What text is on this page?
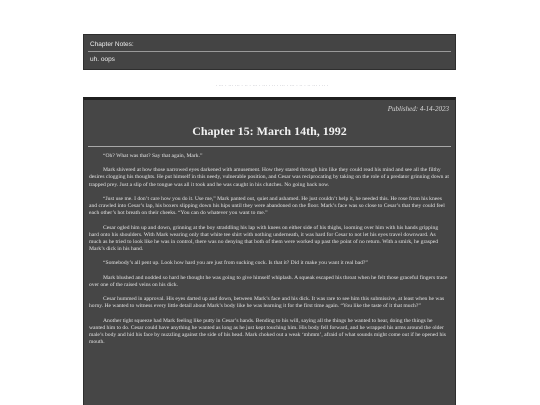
Chapter Notes:
uh. oops
· ··· · ··· ··· · ·· · ··· · ··· · ·· · ··· · ··· · ·· · ·· ··· · ·· ·
Published: 4-14-2023
Chapter 15: March 14th, 1992

“Oh? What was that? Say that again, Mark.”

Mark shivered at how those narrowed eyes darkened with amusement. How they stared through him like they could read his mind and see all the filthy desires clogging his thoughts. He put himself in this needy, vulnerable position, and Cesar was reciprocating by taking on the role of a predator grinning down at trapped prey. Just a slip of the tongue was all it took and he was caught in his clutches. No going back now.

“Just use me. I don’t care how you do it. Use me,” Mark panted out, quiet and ashamed. He just couldn’t help it, he needed this. He rose from his knees and crawled into Cesar’s lap, his boxers slipping down his hips until they were abandoned on the floor. Mark’s face was so close to Cesar’s that they could feel each other’s hot breath on their cheeks. “You can do whatever you want to me.”

Cesar ogled him up and down, grinning at the boy straddling his lap with knees on either side of his thighs, looming over him with his hands gripping hard onto his shoulders. With Mark wearing only that white tee shirt with nothing underneath, it was hard for Cesar to not let his eyes travel downward. As much as he tried to look like he was in control, there was no denying that both of them were worked up past the point of no return. With a smirk, he grasped Mark’s dick in his hand.

“Somebody’s all pent up. Look how hard you are just from sucking cock. Is that it? Did it make you want it real bad?”

Mark blushed and nodded so hard he thought he was going to give himself whiplash. A squeak escaped his throat when he felt those graceful fingers trace over one of the raised veins on his dick.

Cesar hummed in approval. His eyes darted up and down, between Mark’s face and his dick. It was rare to see him this submissive, at least when he was horny. He wanted to witness every little detail about Mark’s body like he was learning it for the first time again. “You like the taste of it that much?”

Another tight squeeze had Mark feeling like putty in Cesar’s hands. Bending to his will, saying all the things he wanted to hear, doing the things he wanted him to do. Cesar could have anything he wanted as long as he just kept touching him. His body fell forward, and he wrapped his arms around the older male’s body and hid his face by nuzzling against the side of his head. Mark choked out a weak ‘mhmm’, afraid of what sounds might come out if he opened his mouth.
